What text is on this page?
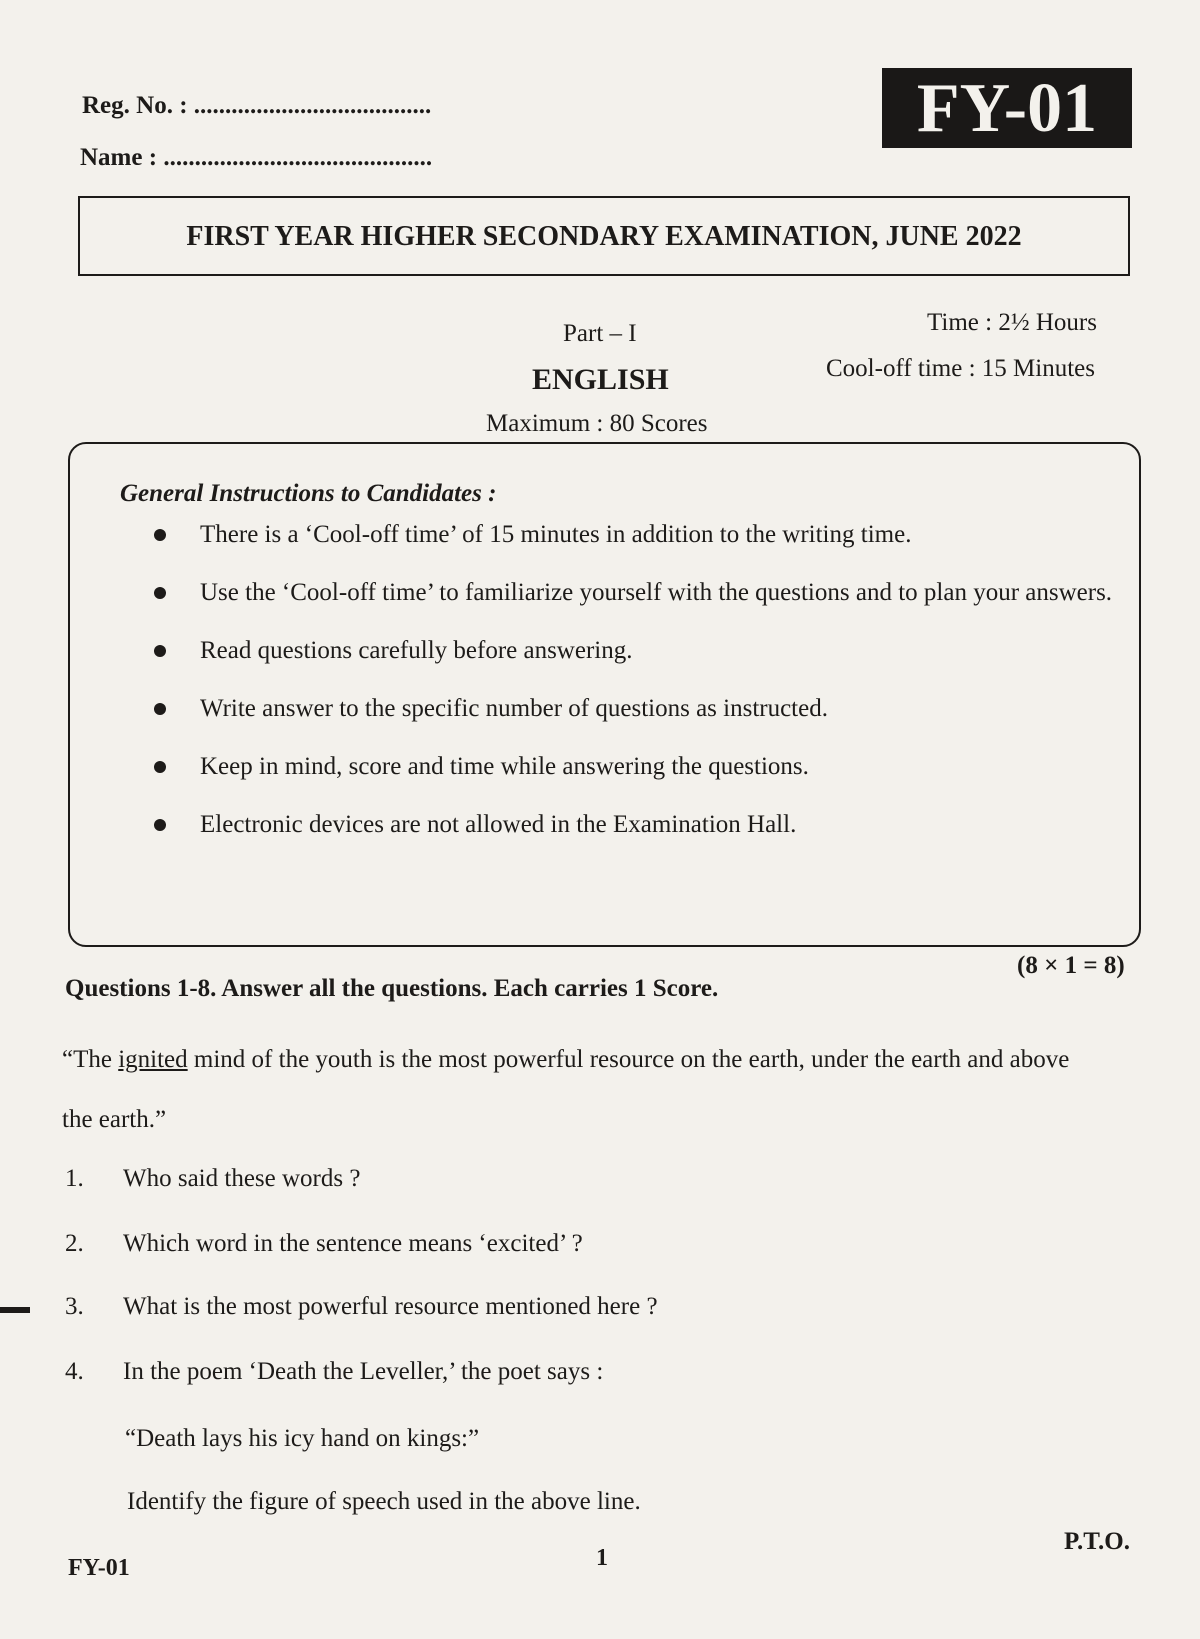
Reg. No. : ......................................
Name : ...........................................
FY-01
FIRST YEAR HIGHER SECONDARY EXAMINATION, JUNE 2022
Part – I
ENGLISH
Maximum : 80 Scores
Time : 2½ Hours
Cool-off time : 15 Minutes
General Instructions to Candidates :
There is a ‘Cool-off time’ of 15 minutes in addition to the writing time.
Use the ‘Cool-off time’ to familiarize yourself with the questions and to plan your answers.
Read questions carefully before answering.
Write answer to the specific number of questions as instructed.
Keep in mind, score and time while answering the questions.
Electronic devices are not allowed in the Examination Hall.
Questions 1-8. Answer all the questions. Each carries 1 Score.
(8 × 1 = 8)
“The ignited mind of the youth is the most powerful resource on the earth, under the earth and above the earth.”
1. Who said these words ?
2. Which word in the sentence means ‘excited’ ?
3. What is the most powerful resource mentioned here ?
4. In the poem ‘Death the Leveller,’ the poet says :
“Death lays his icy hand on kings:”
Identify the figure of speech used in the above line.
FY-01	1
P.T.O.
